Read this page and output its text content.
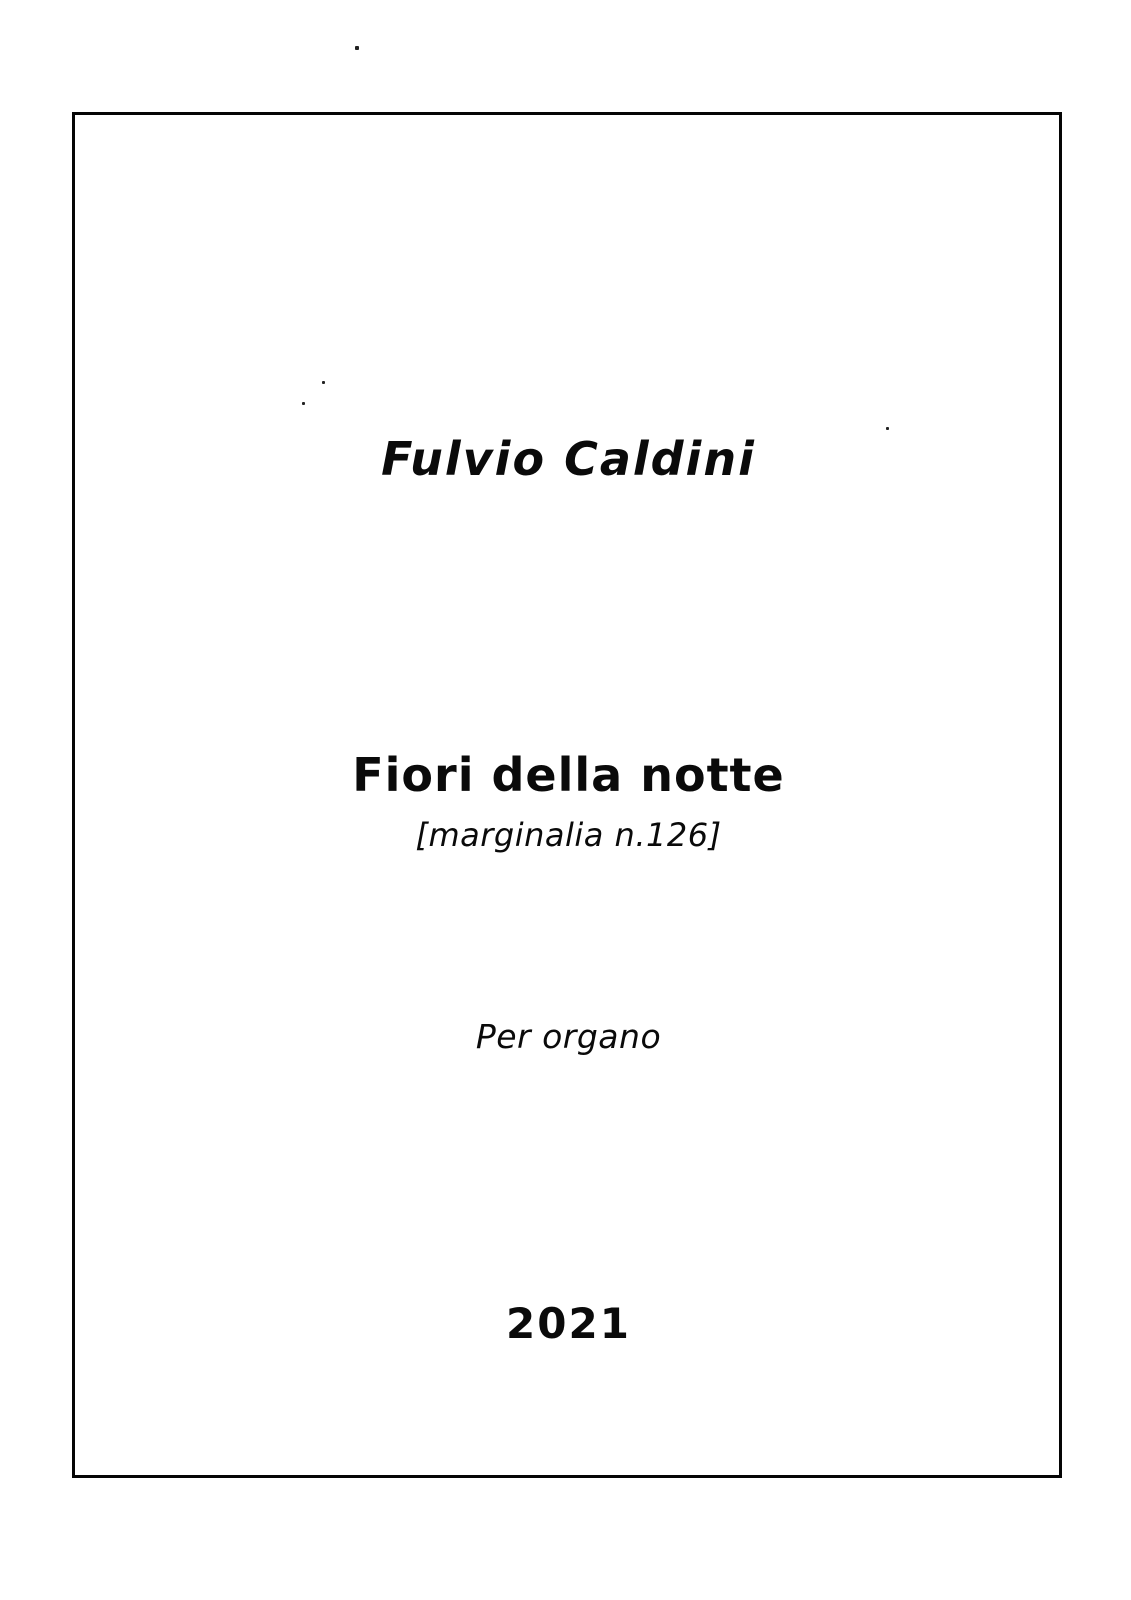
Fulvio Caldini
Fiori della notte
[marginalia n.126]
Per organo
2021
